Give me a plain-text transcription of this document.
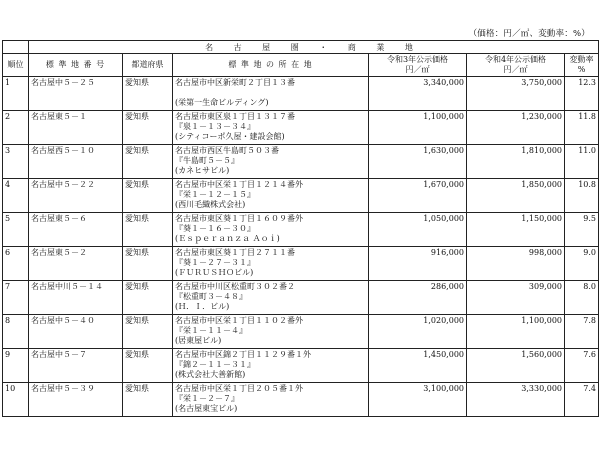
（価格：円／㎡、変動率：%）
	名 古 屋 圏 ・ 商 業 地					
順位	標 準 地 番 号	都道府県	標 準 地 の 所 在 地	令和3年公示価格
円／㎡	令和4年公示価格
円／㎡	変動率
%
1	名古屋中５－２５	愛知県	名古屋市中区新栄町２丁目１３番

(栄第一生命ビルディング)	3,340,000	3,750,000	12.3
2	名古屋東５－１	愛知県	名古屋市東区泉１丁目１３１７番
『泉１－１３－３４』
(シティコーポ久屋・建設会館)	1,100,000	1,230,000	11.8
3	名古屋西５－１０	愛知県	名古屋市西区牛島町５０３番
『牛島町５－５』
(カネヒサビル)	1,630,000	1,810,000	11.0
4	名古屋中５－２２	愛知県	名古屋市中区栄１丁目１２１４番外
『栄１－１２－１５』
(西川毛織株式会社)	1,670,000	1,850,000	10.8
5	名古屋東５－６	愛知県	名古屋市東区葵１丁目１６０９番外
『葵１－１６－３０』
(Ｅｓｐｅｒａｎｚａ Ａｏｉ)	1,050,000	1,150,000	9.5
6	名古屋東５－２	愛知県	名古屋市東区葵１丁目２７１１番
『葵１－２７－３１』
(ＦＵＲＵＳＨＯビル)	916,000	998,000	9.0
7	名古屋中川５－１４	愛知県	名古屋市中川区松重町３０２番２
『松重町３－４８』
(Ｈ．Ｉ．ビル)	286,000	309,000	8.0
8	名古屋中５－４０	愛知県	名古屋市中区栄１丁目１１０２番外
『栄１－１１－４』
(居東屋ビル)	1,020,000	1,100,000	7.8
9	名古屋中５－７	愛知県	名古屋市中区錦２丁目１１２９番１外
『錦２－１１－３１』
(株式会社大善新館)	1,450,000	1,560,000	7.6
10	名古屋中５－３９	愛知県	名古屋市中区栄１丁目２０５番１外
『栄１－２－７』
(名古屋東宝ビル)	3,100,000	3,330,000	7.4
